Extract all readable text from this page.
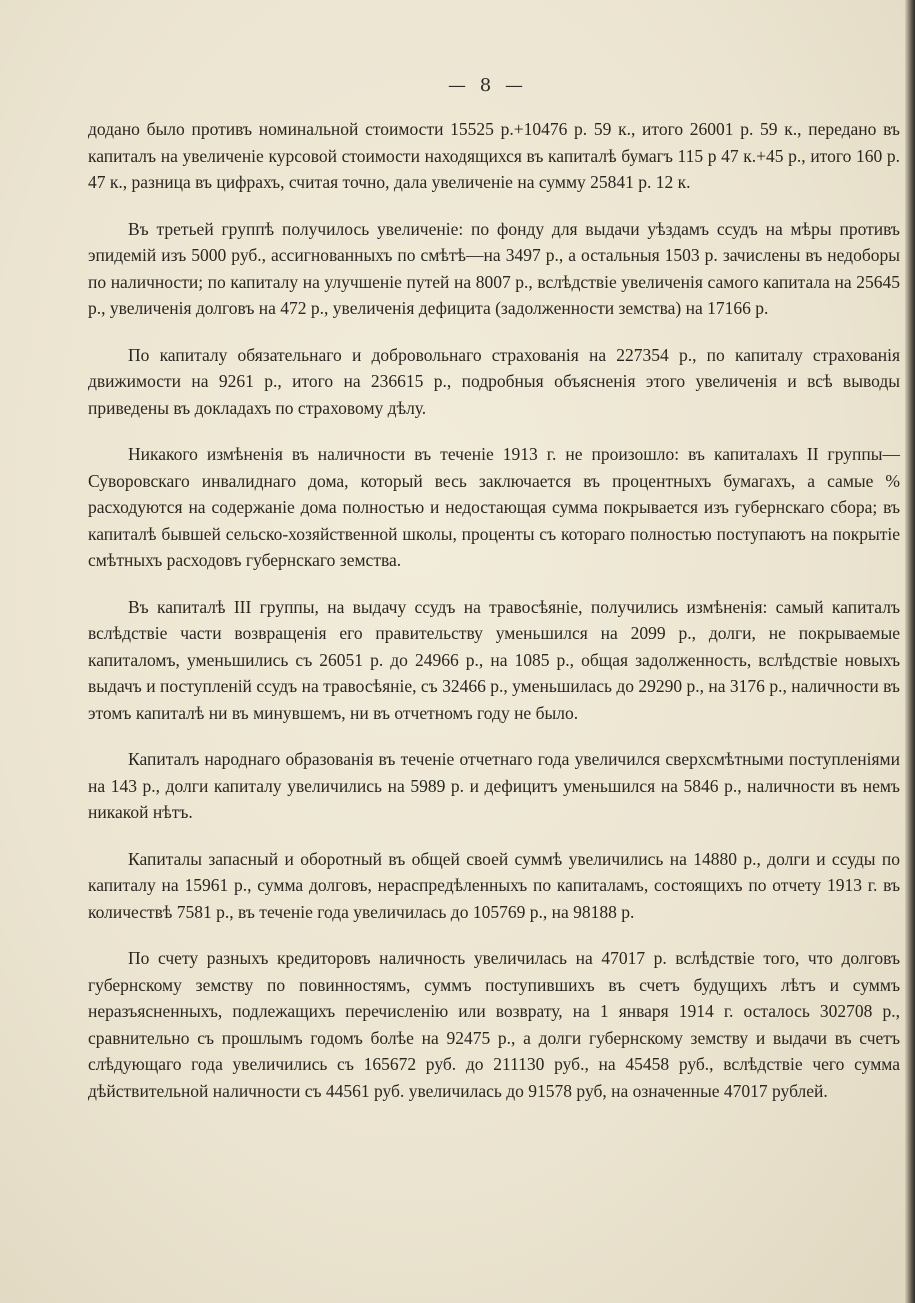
— 8 —

додано было противъ номинальной стоимости 15525 р.+10476 р. 59 к., итого 26001 р. 59 к., передано въ капиталъ на увеличеніе курсовой стоимости находящихся въ капиталѣ бумагъ 115 р 47 к.+45 р., итого 160 р. 47 к., разница въ цифрахъ, считая точно, дала увеличеніе на сумму 25841 р. 12 к.

Въ третьей группѣ получилось увеличеніе: по фонду для выдачи уѣздамъ ссудъ на мѣры противъ эпидемій изъ 5000 руб., ассигнованныхъ по смѣтѣ—на 3497 р., а остальныя 1503 р. зачислены въ недоборы по наличности; по капиталу на улучшеніе путей на 8007 р., вслѣдствіе увеличенія самого капитала на 25645 р., увеличенія долговъ на 472 р., увеличенія дефицита (задолженности земства) на 17166 р.

По капиталу обязательнаго и добровольнаго страхованія на 227354 р., по капиталу страхованія движимости на 9261 р., итого на 236615 р., подробныя объясненія этого увеличенія и всѣ выводы приведены въ докладахъ по страховому дѣлу.

Никакого измѣненія въ наличности въ теченіе 1913 г. не произошло: въ капиталахъ II группы—Суворовскаго инвалиднаго дома, который весь заключается въ процентныхъ бумагахъ, а самые % расходуются на содержаніе дома полностью и недостающая сумма покрывается изъ губернскаго сбора; въ капиталѣ бывшей сельско-хозяйственной школы, проценты съ котораго полностью поступаютъ на покрытіе смѣтныхъ расходовъ губернскаго земства.

Въ капиталѣ III группы, на выдачу ссудъ на травосѣяніе, получились измѣненія: самый капиталъ вслѣдствіе части возвращенія его правительству уменьшился на 2099 р., долги, не покрываемые капиталомъ, уменьшились съ 26051 р. до 24966 р., на 1085 р., общая задолженность, вслѣдствіе новыхъ выдачъ и поступленій ссудъ на травосѣяніе, съ 32466 р., уменьшилась до 29290 р., на 3176 р., наличности въ этомъ капиталѣ ни въ минувшемъ, ни въ отчетномъ году не было.

Капиталъ народнаго образованія въ теченіе отчетнаго года увеличился сверхсмѣтными поступленіями на 143 р., долги капиталу увеличились на 5989 р. и дефицитъ уменьшился на 5846 р., наличности въ немъ никакой нѣтъ.

Капиталы запасный и оборотный въ общей своей суммѣ увеличились на 14880 р., долги и ссуды по капиталу на 15961 р., сумма долговъ, нераспредѣленныхъ по капиталамъ, состоящихъ по отчету 1913 г. въ количествѣ 7581 р., въ теченіе года увеличилась до 105769 р., на 98188 р.

По счету разныхъ кредиторовъ наличность увеличилась на 47017 р. вслѣдствіе того, что долговъ губернскому земству по повинностямъ, суммъ поступившихъ въ счетъ будущихъ лѣтъ и суммъ неразъясненныхъ, подлежащихъ перечисленію или возврату, на 1 января 1914 г. осталось 302708 р., сравнительно съ прошлымъ годомъ болѣе на 92475 р., а долги губернскому земству и выдачи въ счетъ слѣдующаго года увеличились съ 165672 руб. до 211130 руб., на 45458 руб., вслѣдствіе чего сумма дѣйствительной наличности съ 44561 руб. увеличилась до 91578 руб, на означенные 47017 рублей.
